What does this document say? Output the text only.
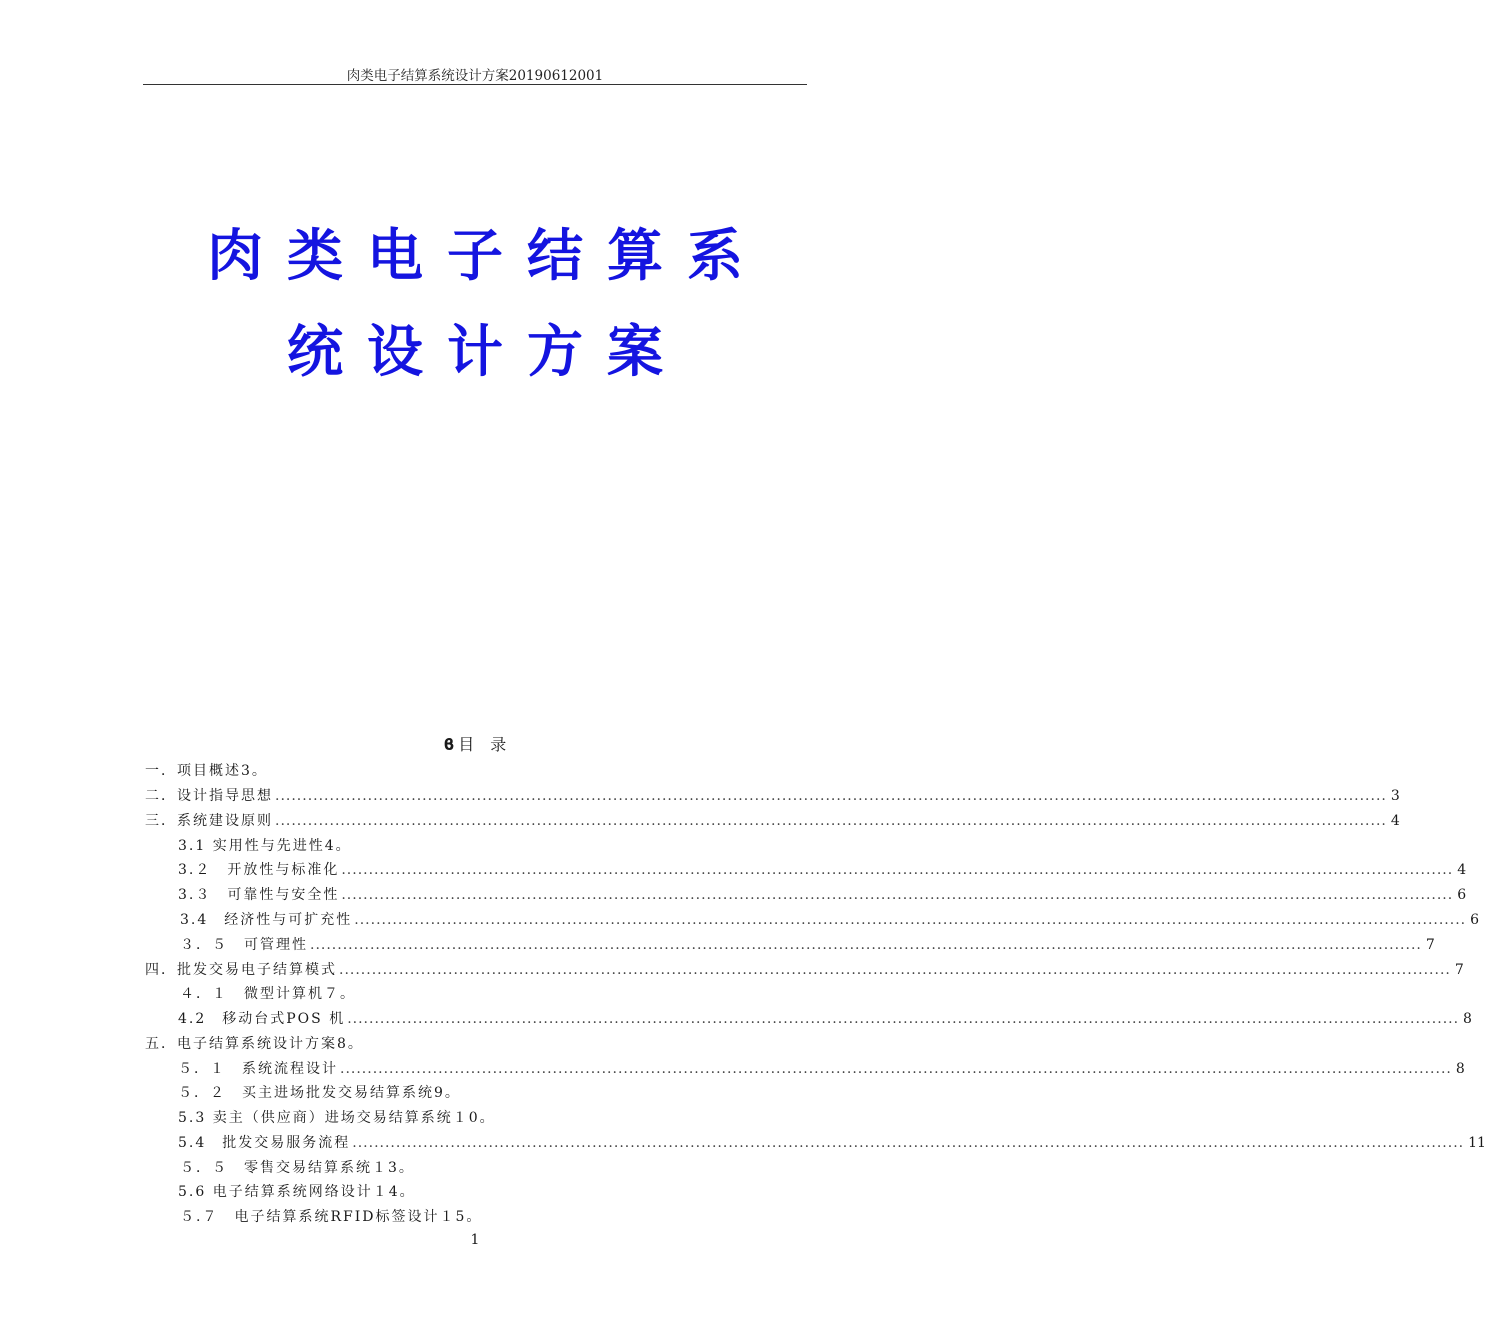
肉类电子结算系统设计方案20190612001
肉类电子结算系
统设计方案
ϐ 目　录
一．项目概述3。
二．设计指导思想 ............................................................................................................................................................................................................ 3
三．系统建设原则 ............................................................................................................................................................................................................ 4
3.1 实用性与先进性4。
3.２　开放性与标准化 ............................................................................................................................................................................................................ 4
3.３　可靠性与安全性 ............................................................................................................................................................................................................ 6
3.4　经济性与可扩充性 ............................................................................................................................................................................................................ 6
３．５　可管理性 ............................................................................................................................................................................................................ 7
四．批发交易电子结算模式 ............................................................................................................................................................................................................ 7
４．１　微型计算机７。
4.2　移动台式POS 机 ............................................................................................................................................................................................................ 8
五．电子结算系统设计方案8。
５．１　系统流程设计 ............................................................................................................................................................................................................ 8
５．２　买主进场批发交易结算系统9。
5.3 卖主（供应商）进场交易结算系统１0。
5.4　批发交易服务流程 ............................................................................................................................................................................................................ 11
５．５　零售交易结算系统１3。
5.6 电子结算系统网络设计１4。
５.７　电子结算系统RFID标签设计１5。
1
